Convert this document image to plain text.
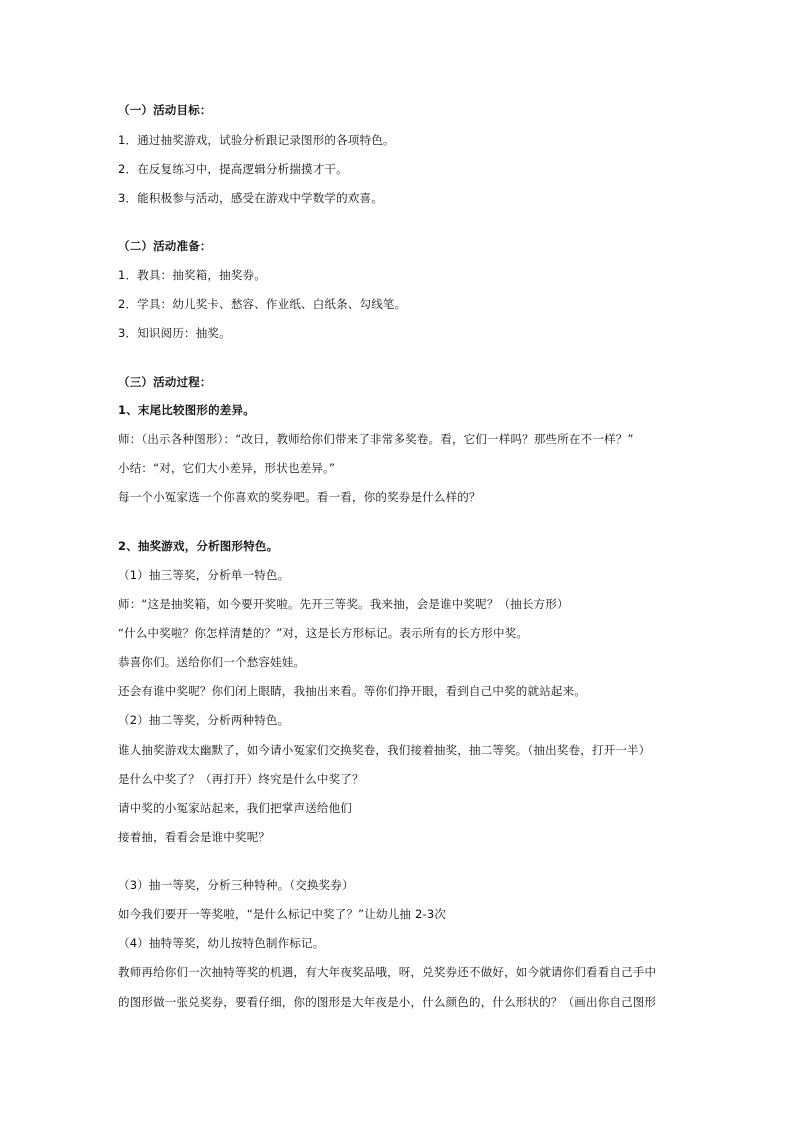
（一）活动目标：
1．通过抽奖游戏，试验分析跟记录图形的各项特色。
2．在反复练习中，提高逻辑分析揣摸才干。
3．能积极参与活动，感受在游戏中学数学的欢喜。
（二）活动准备：
1．教具：抽奖箱，抽奖券。
2．学具：幼儿奖卡、愁容、作业纸、白纸条、勾线笔。
3．知识阅历：抽奖。
（三）活动过程：
1、末尾比较图形的差异。
师：（出示各种图形）：“改日，教师给你们带来了非常多奖卷。看，它们一样吗？那些所在不一样？”
小结：“对，它们大小差异，形状也差异。”
每一个小冤家选一个你喜欢的奖券吧。看一看，你的奖券是什么样的？
2、抽奖游戏，分析图形特色。
（1）抽三等奖，分析单一特色。
师：“这是抽奖箱，如今要开奖啦。先开三等奖。我来抽，会是谁中奖呢？（抽长方形）
“什么中奖啦？你怎样清楚的？”对，这是长方形标记。表示所有的长方形中奖。
恭喜你们。送给你们一个愁容娃娃。
还会有谁中奖呢？你们闭上眼睛，我抽出来看。等你们挣开眼，看到自己中奖的就站起来。
（2）抽二等奖，分析两种特色。
谁人抽奖游戏太幽默了，如今请小冤家们交换奖卷，我们接着抽奖，抽二等奖。（抽出奖卷，打开一半）
是什么中奖了？（再打开）终究是什么中奖了？
请中奖的小冤家站起来，我们把掌声送给他们
接着抽，看看会是谁中奖呢？
（3）抽一等奖，分析三种特种。（交换奖券）
如今我们要开一等奖啦，“是什么标记中奖了？”让幼儿抽 2-3次
（4）抽特等奖，幼儿按特色制作标记。
教师再给你们一次抽特等奖的机遇，有大年夜奖品哦，呀，兑奖券还不做好，如今就请你们看看自己手中
的图形做一张兑奖券，要看仔细，你的图形是大年夜是小，什么颜色的，什么形状的？（画出你自己图形
